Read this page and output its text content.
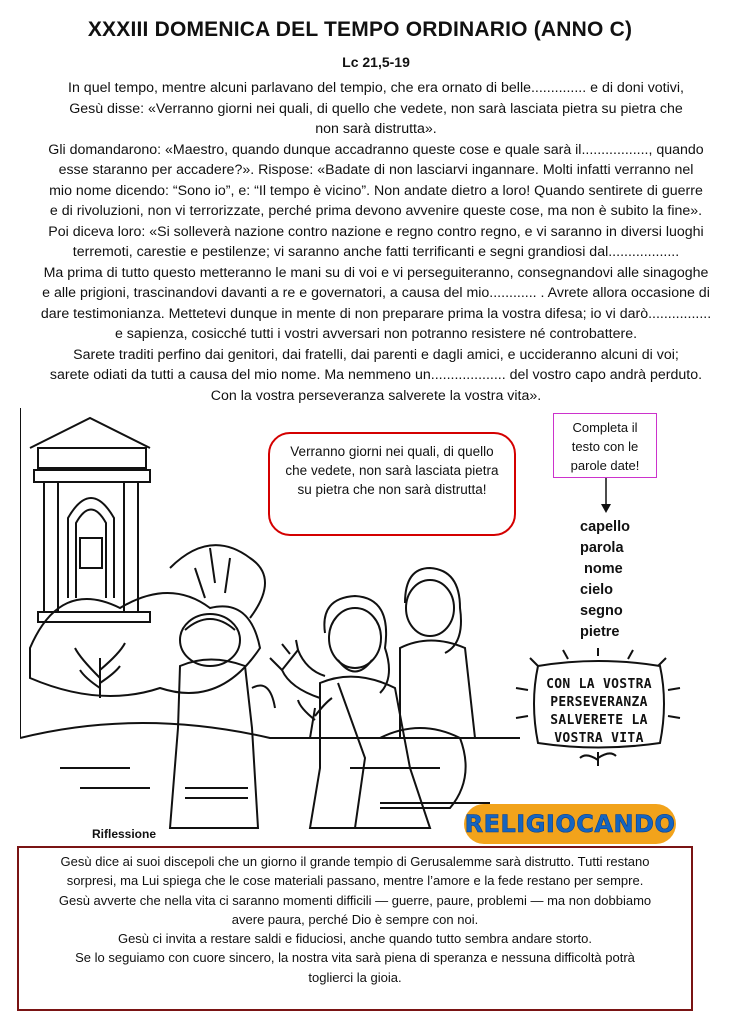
XXXIII DOMENICA DEL TEMPO ORDINARIO (ANNO C)
Lc 21,5-19

In quel tempo, mentre alcuni parlavano del tempio, che era ornato di belle.............. e di doni votivi,

Gesù disse: «Verranno giorni nei quali, di quello che vedete, non sarà lasciata pietra su pietra che

non sarà distrutta».

Gli domandarono: «Maestro, quando dunque accadranno queste cose e quale sarà il................., quando

esse staranno per accadere?». Rispose: «Badate di non lasciarvi ingannare. Molti infatti verranno nel

mio nome dicendo: “Sono io”, e: “Il tempo è vicino”. Non andate dietro a loro! Quando sentirete di guerre

e di rivoluzioni, non vi terrorizzate, perché prima devono avvenire queste cose, ma non è subito la fine».

Poi diceva loro: «Si solleverà nazione contro nazione e regno contro regno, e vi saranno in diversi luoghi

terremoti, carestie e pestilenze; vi saranno anche fatti terrificanti e segni grandiosi dal..................

Ma prima di tutto questo metteranno le mani su di voi e vi perseguiteranno, consegnandovi alle sinagoghe

e alle prigioni, trascinandovi davanti a re e governatori, a causa del mio............ . Avrete allora occasione di

dare testimonianza. Mettetevi dunque in mente di non preparare prima la vostra difesa; io vi darò................

e sapienza, cosicché tutti i vostri avversari non potranno resistere né controbattere.

Sarete traditi perfino dai genitori, dai fratelli, dai parenti e dagli amici, e uccideranno alcuni di voi;

sarete odiati da tutti a causa del mio nome. Ma nemmeno un................... del vostro capo andrà perduto.

Con la vostra perseveranza salverete la vostra vita».

Verranno giorni nei quali, di quello che vedete, non sarà lasciata pietra su pietra che non sarà distrutta!
Completa il testo con le parole date!
capello
parola
nome
cielo
segno
pietre
CON LA VOSTRA
PERSEVERANZA
SALVERETE LA
VOSTRA VITA
RELIGIOCANDO
Riflessione

Gesù dice ai suoi discepoli che un giorno il grande tempio di Gerusalemme sarà distrutto. Tutti restano

sorpresi, ma Lui spiega che le cose materiali passano, mentre l’amore e la fede restano per sempre.

Gesù avverte che nella vita ci saranno momenti difficili — guerre, paure, problemi — ma non dobbiamo

avere paura, perché Dio è sempre con noi.

Gesù ci invita a restare saldi e fiduciosi, anche quando tutto sembra andare storto.

Se lo seguiamo con cuore sincero, la nostra vita sarà piena di speranza e nessuna difficoltà potrà

toglierci la gioia.
